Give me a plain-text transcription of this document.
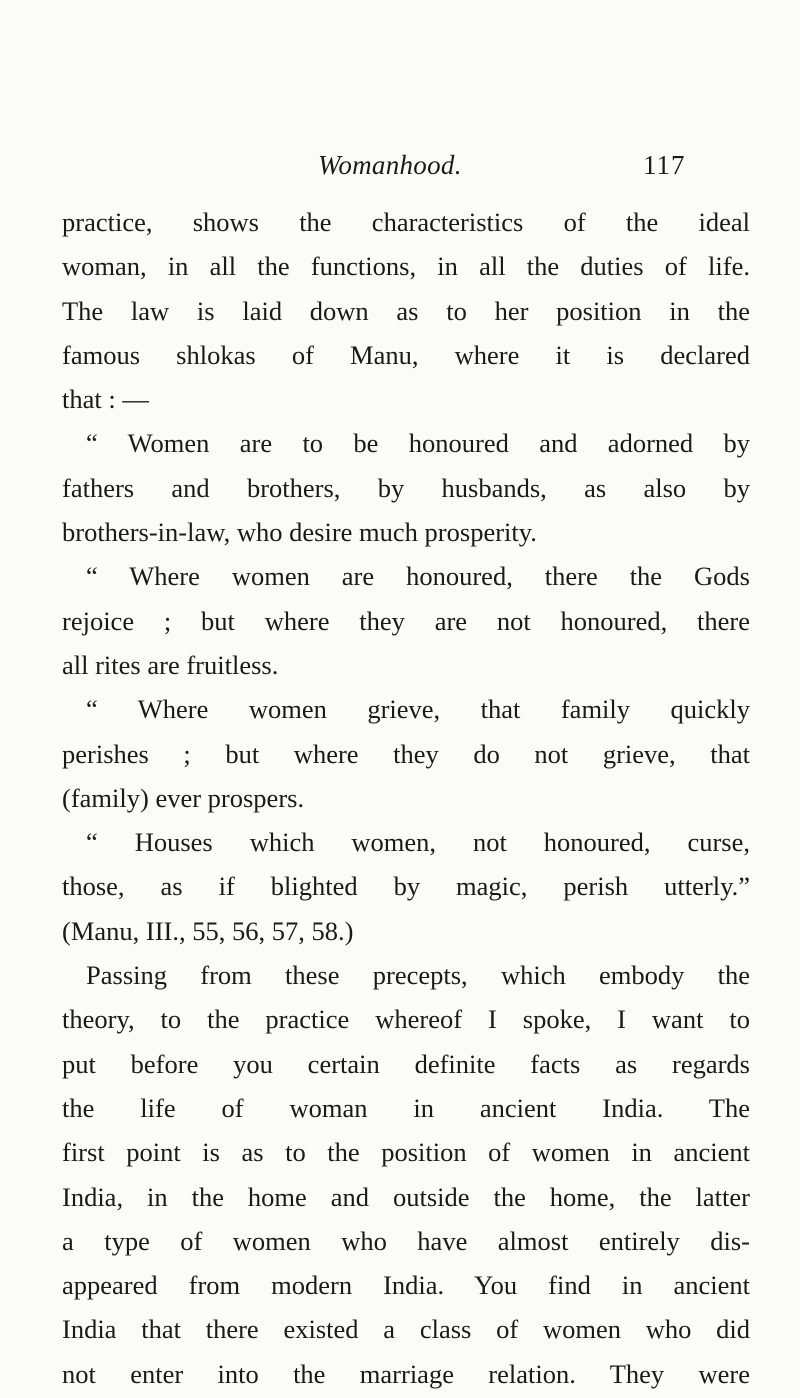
Womanhood.	117
practice, shows the characteristics of the ideal
woman, in all the functions, in all the duties of life.
The law is laid down as to her position in the
famous shlokas of Manu, where it is declared
that : —
“ Women are to be honoured and adorned by
fathers and brothers, by husbands, as also by
brothers-in-law, who desire much prosperity.
“ Where women are honoured, there the Gods
rejoice ; but where they are not honoured, there
all rites are fruitless.
“ Where women grieve, that family quickly
perishes ; but where they do not grieve, that
(family) ever prospers.
“ Houses which women, not honoured, curse,
those, as if blighted by magic, perish utterly.”
(Manu, III., 55, 56, 57, 58.)
Passing from these precepts, which embody the
theory, to the practice whereof I spoke, I want to
put before you certain definite facts as regards
the life of woman in ancient India. The
first point is as to the position of women in ancient
India, in the home and outside the home, the latter
a type of women who have almost entirely dis-
appeared from modern India. You find in ancient
India that there existed a class of women who did
not enter into the marriage relation. They were
